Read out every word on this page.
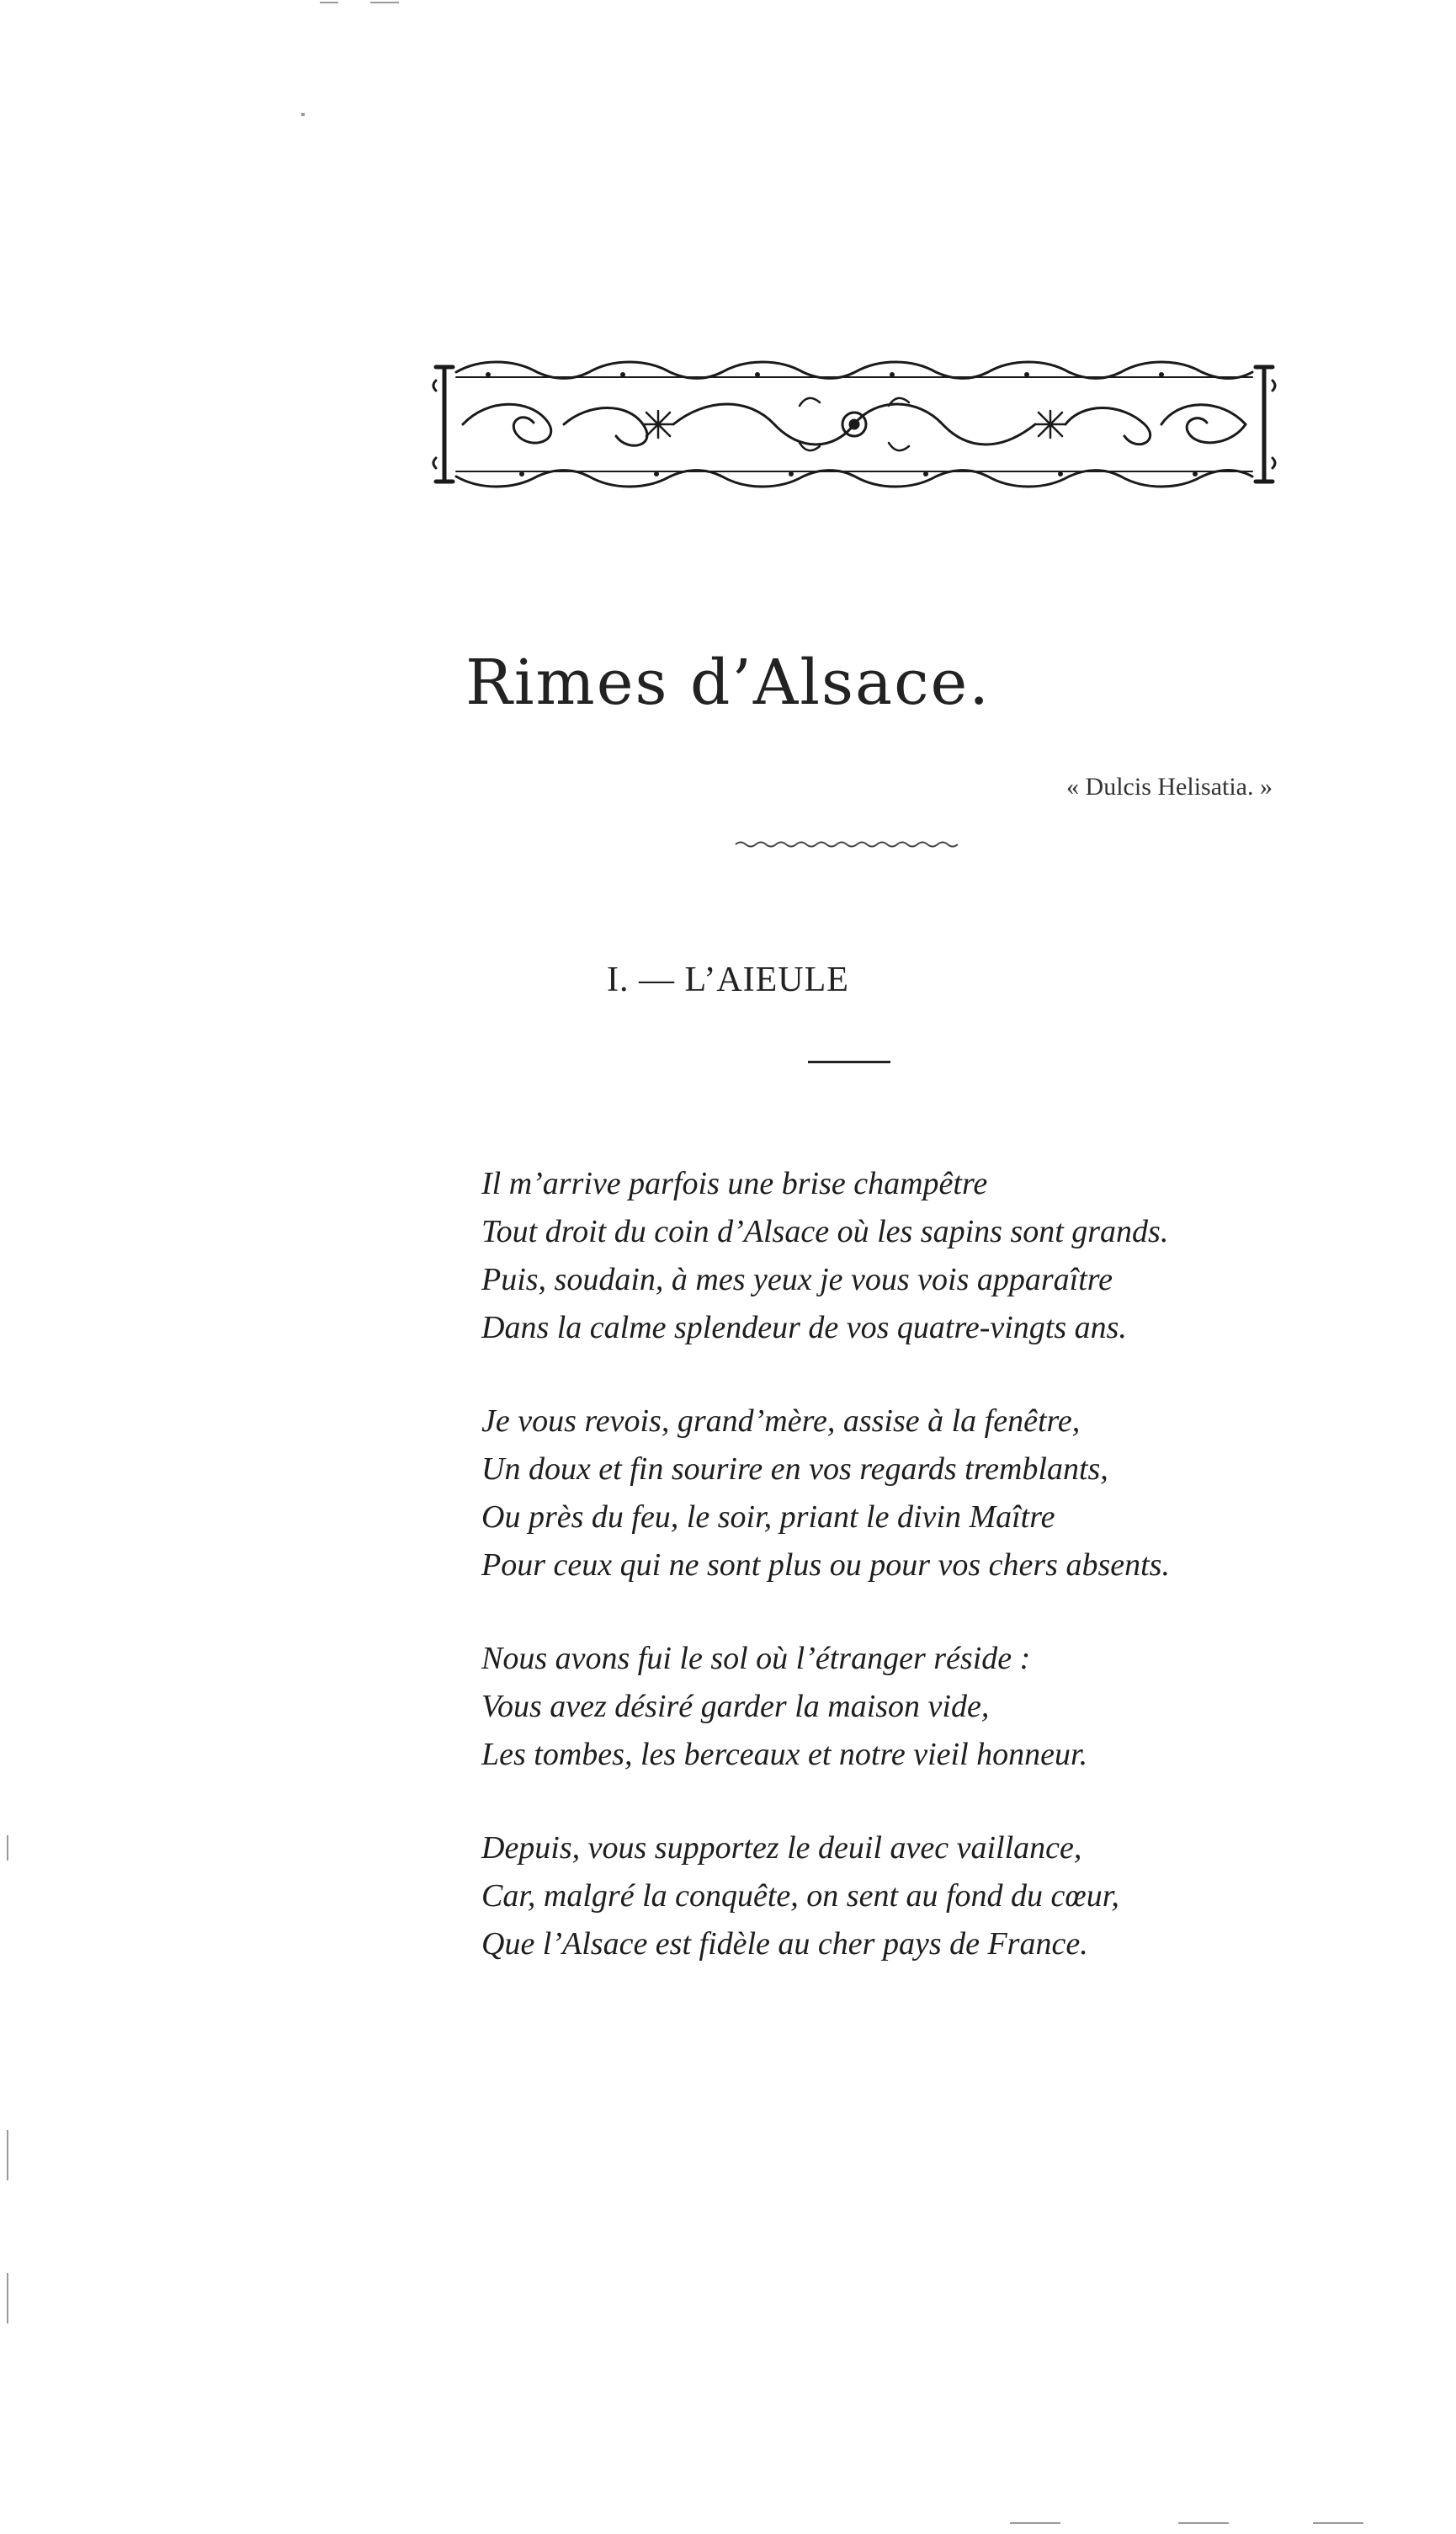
Rimes d’Alsace.
« Dulcis Helisatia. »
I. — L’AIEULE
Il m’arrive parfois une brise champêtre
Tout droit du coin d’Alsace où les sapins sont grands.
Puis, soudain, à mes yeux je vous vois apparaître
Dans la calme splendeur de vos quatre-vingts ans.
Je vous revois, grand’mère, assise à la fenêtre,
Un doux et fin sourire en vos regards tremblants,
Ou près du feu, le soir, priant le divin Maître
Pour ceux qui ne sont plus ou pour vos chers absents.
Nous avons fui le sol où l’étranger réside :
Vous avez désiré garder la maison vide,
Les tombes, les berceaux et notre vieil honneur.
Depuis, vous supportez le deuil avec vaillance,
Car, malgré la conquête, on sent au fond du cœur,
Que l’Alsace est fidèle au cher pays de France.
